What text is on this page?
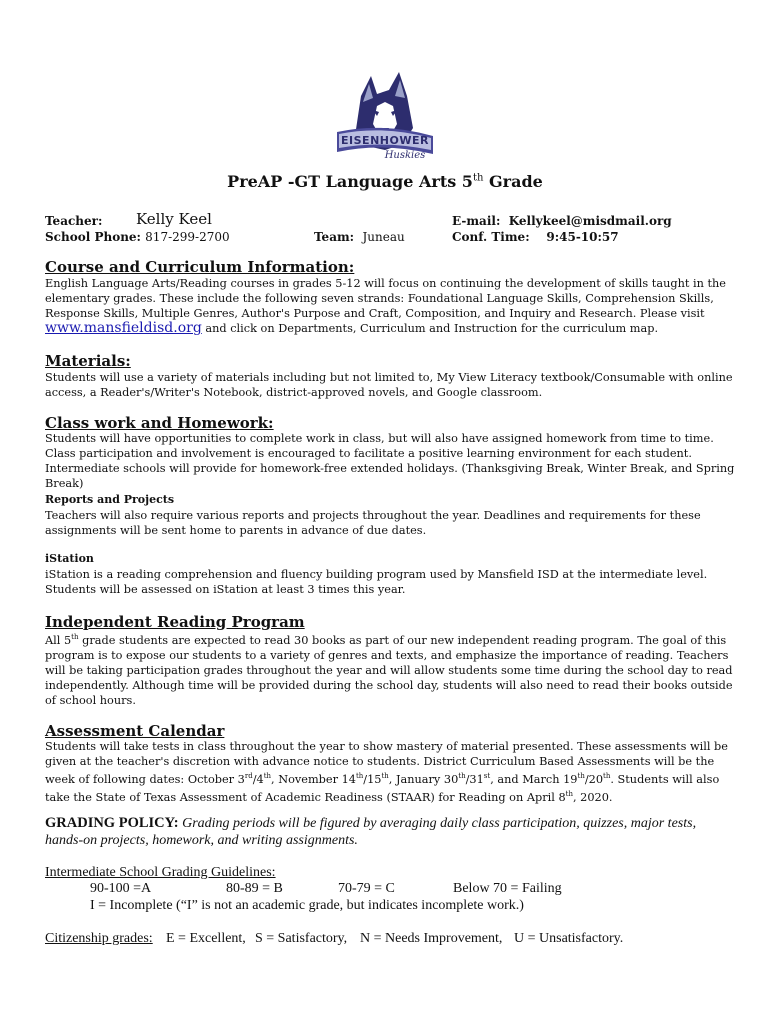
EISENHOWER
Huskies
PreAP -GT Language Arts 5th Grade
Teacher: Kelly Keel
School Phone: 817-299-2700	Team: Juneau
E-mail: Kellykeel@misdmail.org
Conf. Time: 9:45-10:57
Course and Curriculum Information:
English Language Arts/Reading courses in grades 5-12 will focus on continuing the development of skills taught in the elementary grades. These include the following seven strands: Foundational Language Skills, Comprehension Skills, Response Skills, Multiple Genres, Author's Purpose and Craft, Composition, and Inquiry and Research. Please visit
www.mansfieldisd.org and click on Departments, Curriculum and Instruction for the curriculum map.
Materials:
Students will use a variety of materials including but not limited to, My View Literacy textbook/Consumable with online access, a Reader's/Writer's Notebook, district-approved novels, and Google classroom.
Class work and Homework:
Students will have opportunities to complete work in class, but will also have assigned homework from time to time. Class participation and involvement is encouraged to facilitate a positive learning environment for each student. Intermediate schools will provide for homework-free extended holidays. (Thanksgiving Break, Winter Break, and Spring Break)
Reports and Projects
Teachers will also require various reports and projects throughout the year. Deadlines and requirements for these assignments will be sent home to parents in advance of due dates.
iStation
iStation is a reading comprehension and fluency building program used by Mansfield ISD at the intermediate level. Students will be assessed on iStation at least 3 times this year.
Independent Reading Program
All 5th grade students are expected to read 30 books as part of our new independent reading program. The goal of this program is to expose our students to a variety of genres and texts, and emphasize the importance of reading. Teachers will be taking participation grades throughout the year and will allow students some time during the school day to read independently. Although time will be provided during the school day, students will also need to read their books outside of school hours.
Assessment Calendar
Students will take tests in class throughout the year to show mastery of material presented. These assessments will be given at the teacher's discretion with advance notice to students. District Curriculum Based Assessments will be the week of following dates: October 3rd/4th, November 14th/15th, January 30th/31st, and March 19th/20th. Students will also take the State of Texas Assessment of Academic Readiness (STAAR) for Reading on April 8th, 2020.
GRADING POLICY: Grading periods will be figured by averaging daily class participation, quizzes, major tests, hands-on projects, homework, and writing assignments.
Intermediate School Grading Guidelines:
90-100 =A	80-89 = B	70-79 = C	Below 70 = Failing
I = Incomplete (“I” is not an academic grade, but indicates incomplete work.)
Citizenship grades: E = Excellent, S = Satisfactory, N = Needs Improvement, U = Unsatisfactory.
